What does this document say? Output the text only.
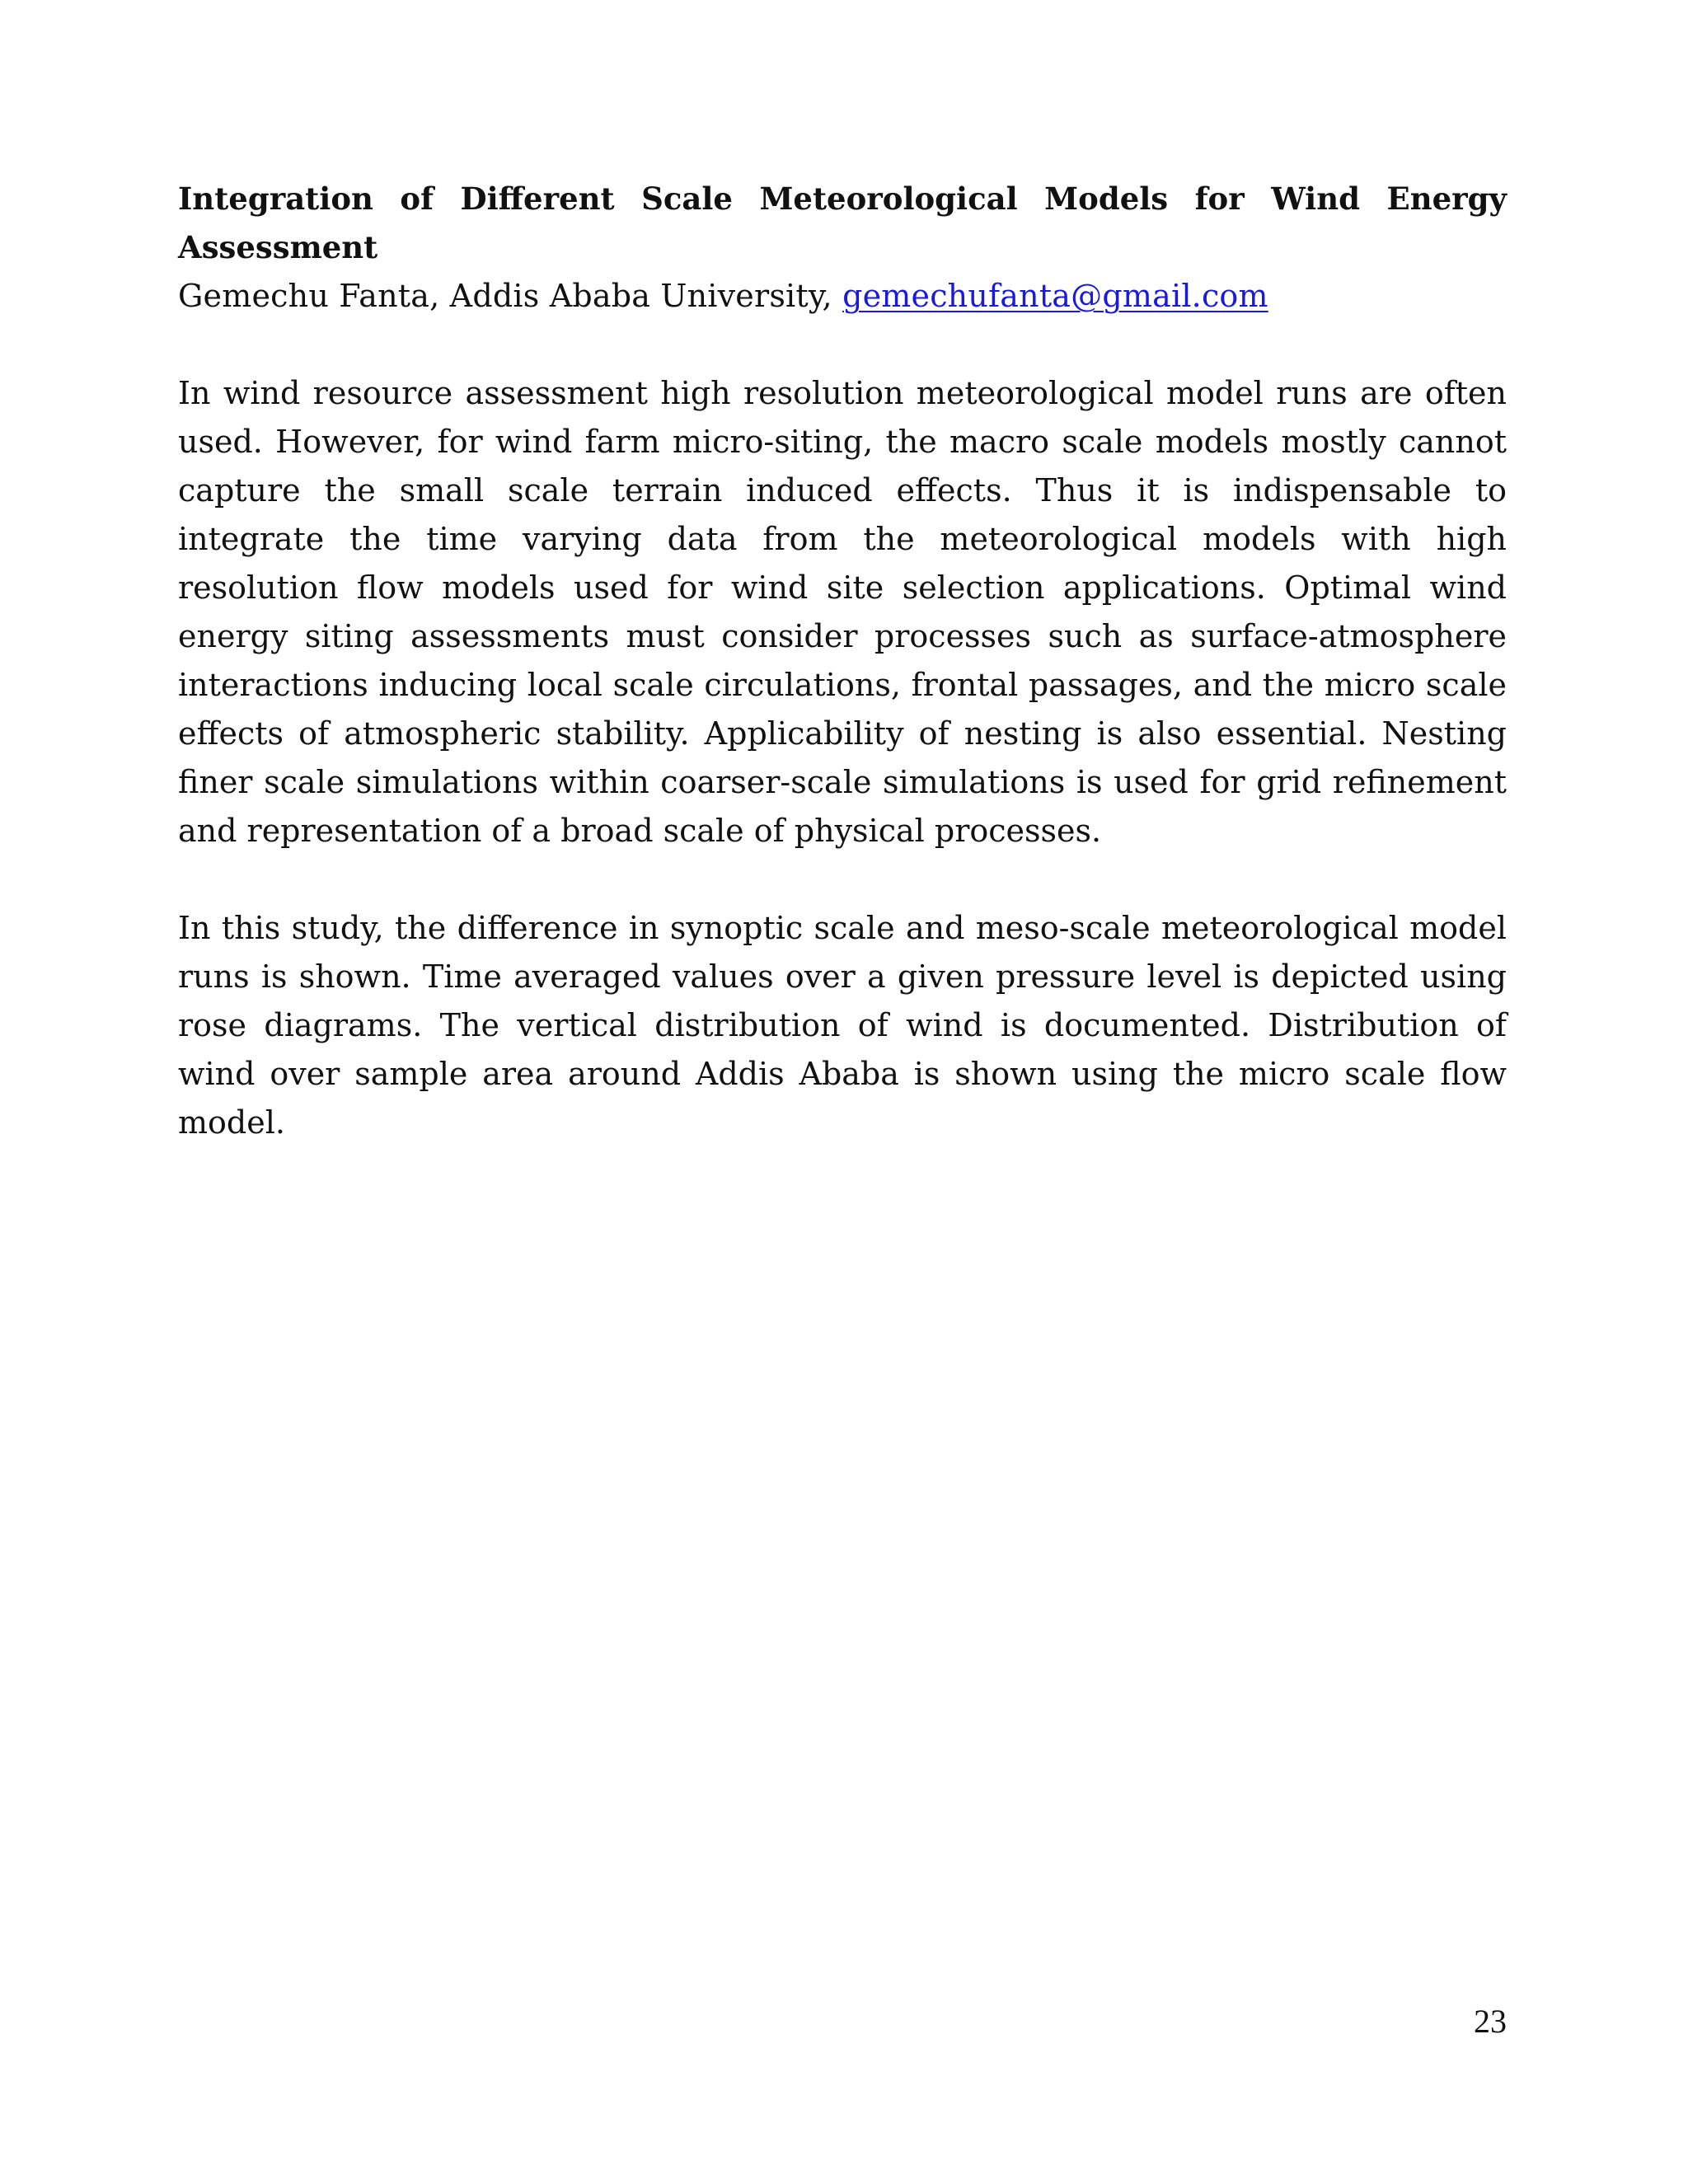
Integration of Different Scale Meteorological Models for Wind Energy Assessment

Gemechu Fanta, Addis Ababa University, gemechufanta@gmail.com

In wind resource assessment high resolution meteorological model runs are often used. However, for wind farm micro-siting, the macro scale models mostly cannot capture the small scale terrain induced effects. Thus it is indispensable to integrate the time varying data from the meteorological models with high resolution flow models used for wind site selection applications. Optimal wind energy siting assessments must consider processes such as surface-atmosphere interactions inducing local scale circulations, frontal passages, and the micro scale effects of atmospheric stability. Applicability of nesting is also essential. Nesting finer scale simulations within coarser-scale simulations is used for grid refinement and representation of a broad scale of physical processes.

In this study, the difference in synoptic scale and meso-scale meteorological model runs is shown. Time averaged values over a given pressure level is depicted using rose diagrams. The vertical distribution of wind is documented. Distribution of wind over sample area around Addis Ababa is shown using the micro scale flow model.

23
